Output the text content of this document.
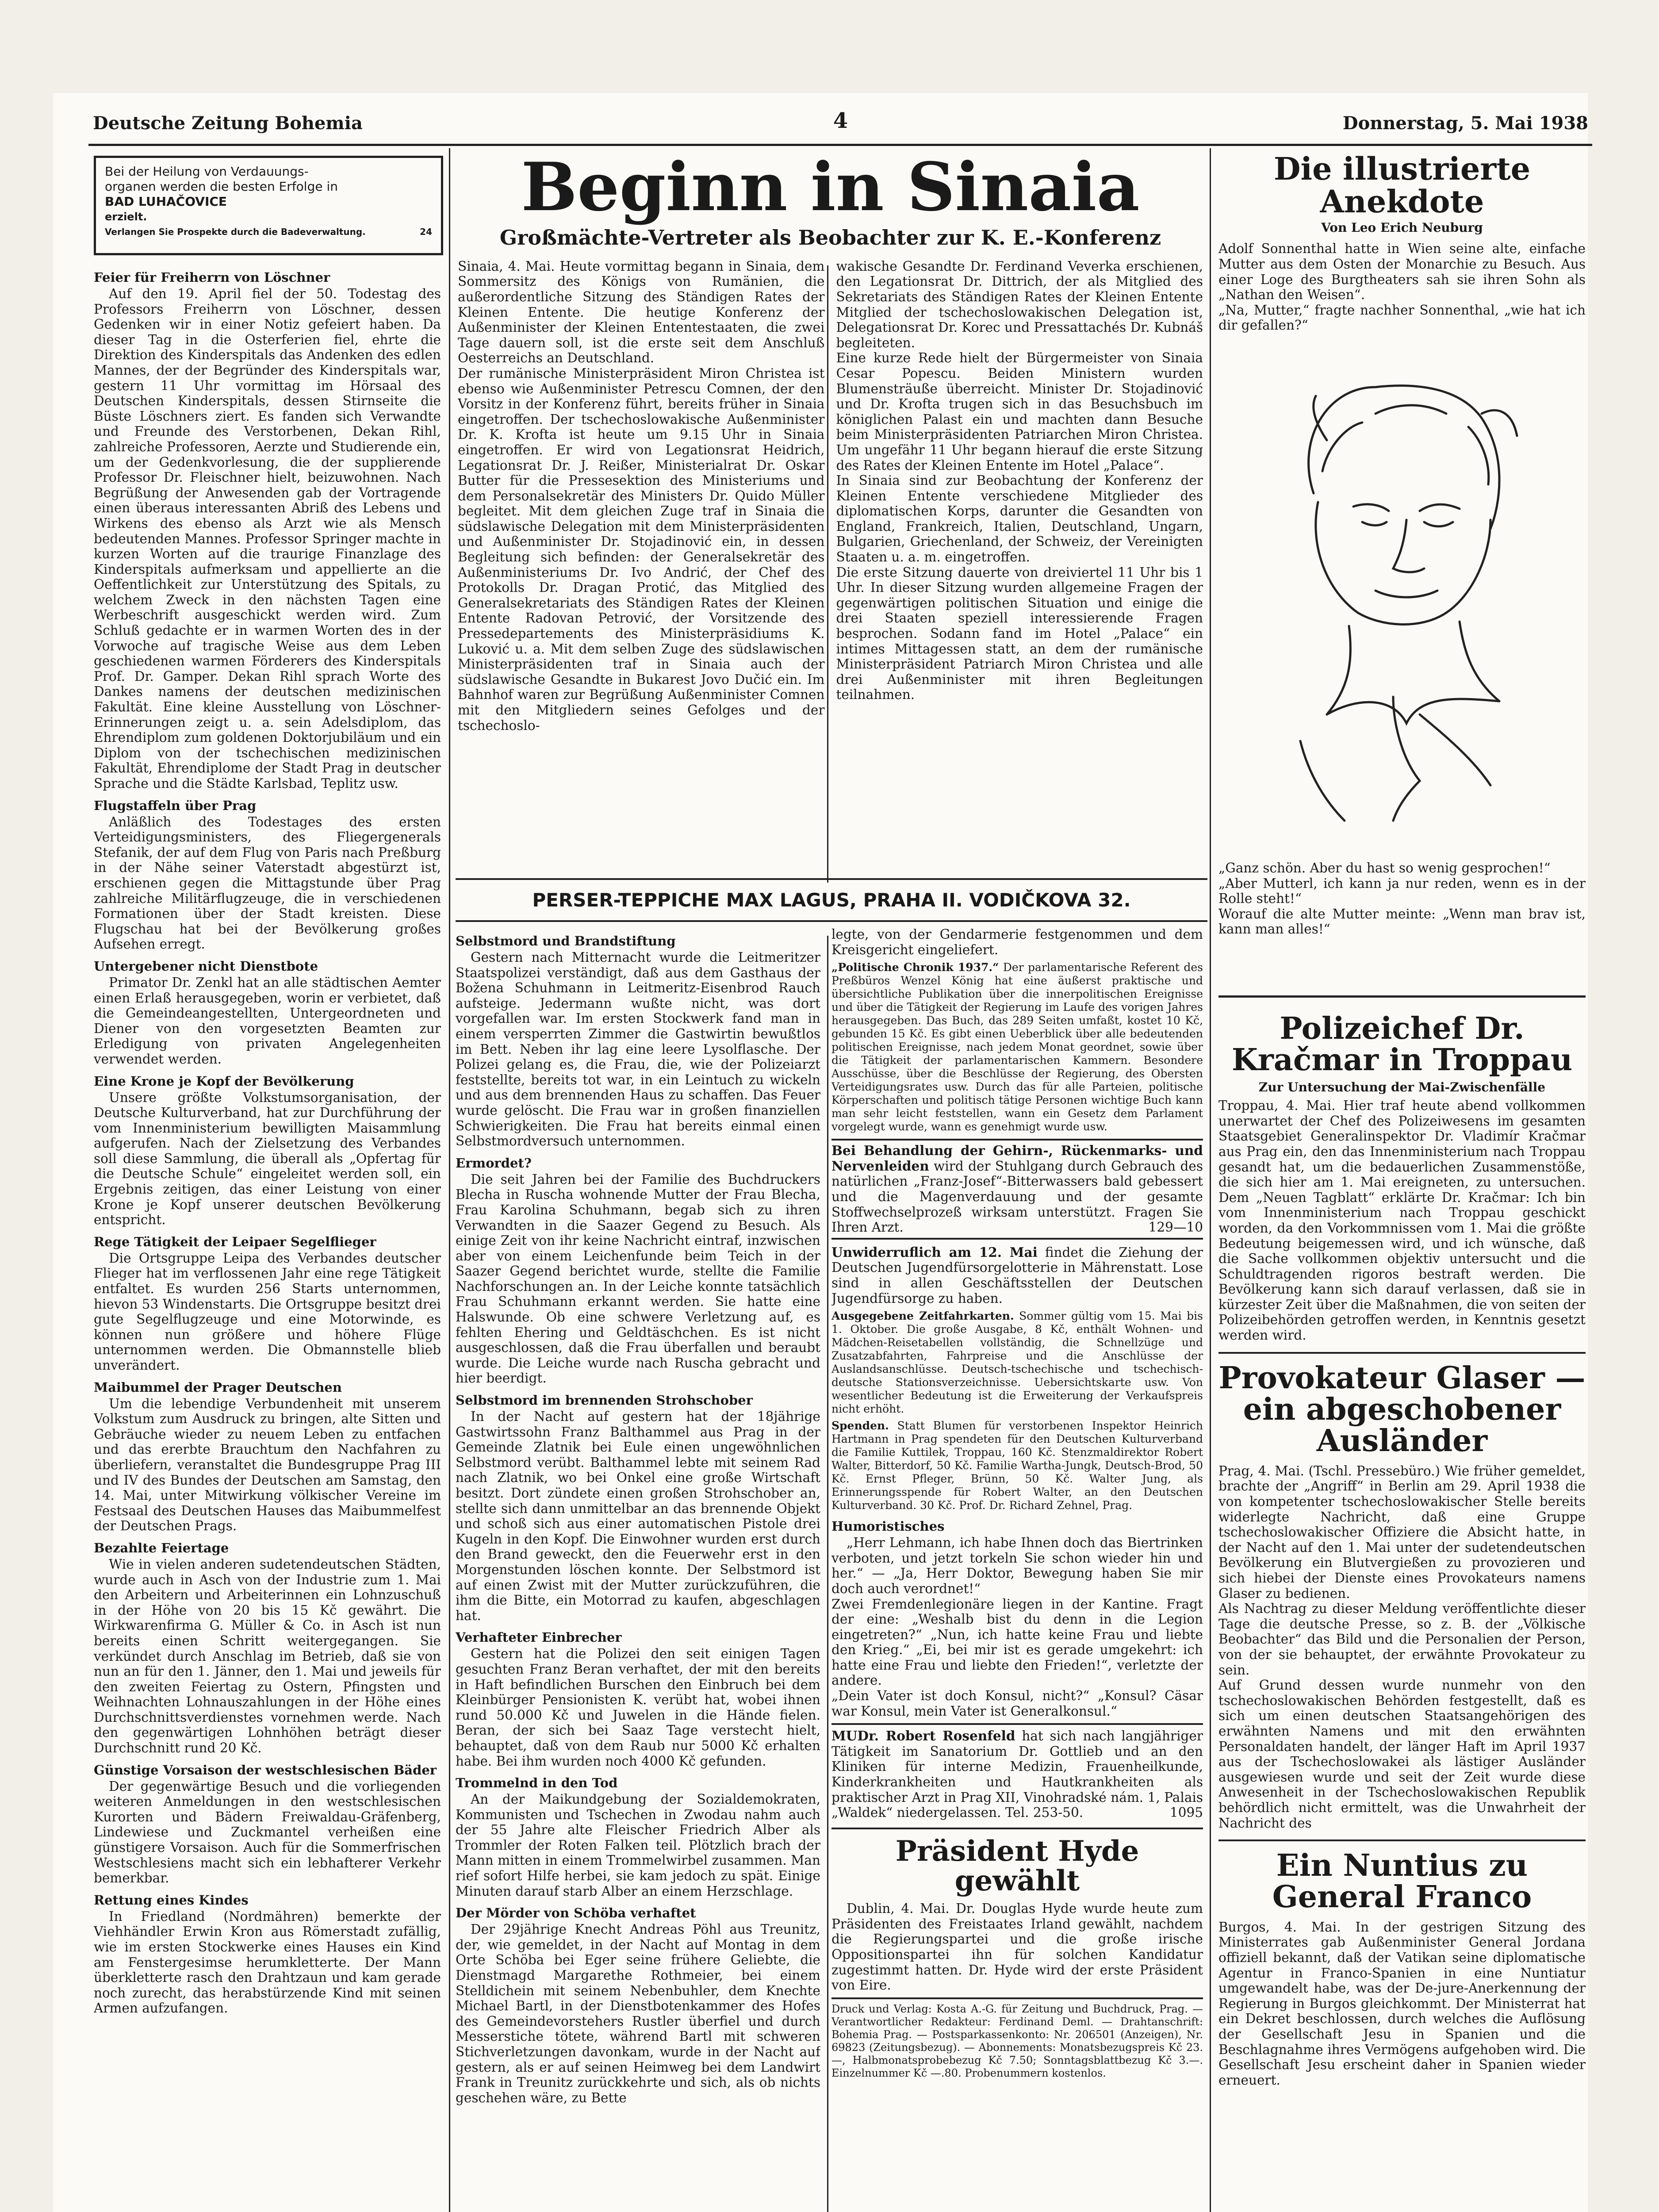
Deutsche Zeitung Bohemia	4	Donnerstag, 5. Mai 1938
Bei der Heilung von Verdauungs-
organen werden die besten Erfolge in
BAD LUHAČOVICE
erzielt.
Verlangen Sie Prospekte durch die Badeverwaltung.	24
Feier für Freiherrn von Löschner

Auf den 19. April fiel der 50. Todestag des Professors Freiherrn von Löschner, dessen Gedenken wir in einer Notiz gefeiert haben. Da dieser Tag in die Osterferien fiel, ehrte die Direktion des Kinderspitals das Andenken des edlen Mannes, der der Begründer des Kinderspitals war, gestern 11 Uhr vormittag im Hörsaal des Deutschen Kinderspitals, dessen Stirnseite die Büste Löschners ziert. Es fanden sich Verwandte und Freunde des Verstorbenen, Dekan Rihl, zahlreiche Professoren, Aerzte und Studierende ein, um der Gedenkvorlesung, die der supplierende Professor Dr. Fleischner hielt, beizuwohnen. Nach Begrüßung der Anwesenden gab der Vortragende einen überaus interessanten Abriß des Lebens und Wirkens des ebenso als Arzt wie als Mensch bedeutenden Mannes. Professor Springer machte in kurzen Worten auf die traurige Finanzlage des Kinderspitals aufmerksam und appellierte an die Oeffentlichkeit zur Unterstützung des Spitals, zu welchem Zweck in den nächsten Tagen eine Werbeschrift ausgeschickt werden wird. Zum Schluß gedachte er in warmen Worten des in der Vorwoche auf tragische Weise aus dem Leben geschiedenen warmen Förderers des Kinderspitals Prof. Dr. Gamper. Dekan Rihl sprach Worte des Dankes namens der deutschen medizinischen Fakultät. Eine kleine Ausstellung von Löschner-Erinnerungen zeigt u. a. sein Adelsdiplom, das Ehrendiplom zum goldenen Doktorjubiläum und ein Diplom von der tschechischen medizinischen Fakultät, Ehrendiplome der Stadt Prag in deutscher Sprache und die Städte Karlsbad, Teplitz usw.

Flugstaffeln über Prag

Anläßlich des Todestages des ersten Verteidigungsministers, des Fliegergenerals Stefanik, der auf dem Flug von Paris nach Preßburg in der Nähe seiner Vaterstadt abgestürzt ist, erschienen gegen die Mittagstunde über Prag zahlreiche Militärflugzeuge, die in verschiedenen Formationen über der Stadt kreisten. Diese Flugschau hat bei der Bevölkerung großes Aufsehen erregt.

Untergebener nicht Dienstbote

Primator Dr. Zenkl hat an alle städtischen Aemter einen Erlaß herausgegeben, worin er verbietet, daß die Gemeindeangestellten, Untergeordneten und Diener von den vorgesetzten Beamten zur Erledigung von privaten Angelegenheiten verwendet werden.

Eine Krone je Kopf der Bevölkerung

Unsere größte Volkstumsorganisation, der Deutsche Kulturverband, hat zur Durchführung der vom Innenministerium bewilligten Maisammlung aufgerufen. Nach der Zielsetzung des Verbandes soll diese Sammlung, die überall als „Opfertag für die Deutsche Schule“ eingeleitet werden soll, ein Ergebnis zeitigen, das einer Leistung von einer Krone je Kopf unserer deutschen Bevölkerung entspricht.

Rege Tätigkeit der Leipaer Segelflieger

Die Ortsgruppe Leipa des Verbandes deutscher Flieger hat im verflossenen Jahr eine rege Tätigkeit entfaltet. Es wurden 256 Starts unternommen, hievon 53 Windenstarts. Die Ortsgruppe besitzt drei gute Segelflugzeuge und eine Motorwinde, es können nun größere und höhere Flüge unternommen werden. Die Obmannstelle blieb unverändert.

Maibummel der Prager Deutschen

Um die lebendige Verbundenheit mit unserem Volkstum zum Ausdruck zu bringen, alte Sitten und Gebräuche wieder zu neuem Leben zu entfachen und das ererbte Brauchtum den Nachfahren zu überliefern, veranstaltet die Bundesgruppe Prag III und IV des Bundes der Deutschen am Samstag, den 14. Mai, unter Mitwirkung völkischer Vereine im Festsaal des Deutschen Hauses das Maibummelfest der Deutschen Prags.

Bezahlte Feiertage

Wie in vielen anderen sudetendeutschen Städten, wurde auch in Asch von der Industrie zum 1. Mai den Arbeitern und Arbeiterinnen ein Lohnzuschuß in der Höhe von 20 bis 15 Kč gewährt. Die Wirkwarenfirma G. Müller & Co. in Asch ist nun bereits einen Schritt weitergegangen. Sie verkündet durch Anschlag im Betrieb, daß sie von nun an für den 1. Jänner, den 1. Mai und jeweils für den zweiten Feiertag zu Ostern, Pfingsten und Weihnachten Lohnauszahlungen in der Höhe eines Durchschnittsverdienstes vornehmen werde. Nach den gegenwärtigen Lohnhöhen beträgt dieser Durchschnitt rund 20 Kč.

Günstige Vorsaison der westschlesischen Bäder

Der gegenwärtige Besuch und die vorliegenden weiteren Anmeldungen in den westschlesischen Kurorten und Bädern Freiwaldau-Gräfenberg, Lindewiese und Zuckmantel verheißen eine günstigere Vorsaison. Auch für die Sommerfrischen Westschlesiens macht sich ein lebhafterer Verkehr bemerkbar.

Rettung eines Kindes

In Friedland (Nordmähren) bemerkte der Viehhändler Erwin Kron aus Römerstadt zufällig, wie im ersten Stockwerke eines Hauses ein Kind am Fenstergesimse herumkletterte. Der Mann überkletterte rasch den Drahtzaun und kam gerade noch zurecht, das herabstürzende Kind mit seinen Armen aufzufangen.

Beginn in Sinaia
Großmächte-Vertreter als Beobachter zur K. E.-Konferenz
Sinaia, 4. Mai. Heute vormittag begann in Sinaia, dem Sommersitz des Königs von Rumänien, die außerordentliche Sitzung des Ständigen Rates der Kleinen Entente. Die heutige Konferenz der Außenminister der Kleinen Ententestaaten, die zwei Tage dauern soll, ist die erste seit dem Anschluß Oesterreichs an Deutschland.
Der rumänische Ministerpräsident Miron Christea ist ebenso wie Außenminister Petrescu Comnen, der den Vorsitz in der Konferenz führt, bereits früher in Sinaia eingetroffen. Der tschechoslowakische Außenminister Dr. K. Krofta ist heute um 9.15 Uhr in Sinaia eingetroffen. Er wird von Legationsrat Heidrich, Legationsrat Dr. J. Reißer, Ministerialrat Dr. Oskar Butter für die Pressesektion des Ministeriums und dem Personalsekretär des Ministers Dr. Quido Müller begleitet. Mit dem gleichen Zuge traf in Sinaia die südslawische Delegation mit dem Ministerpräsidenten und Außenminister Dr. Stojadinović ein, in dessen Begleitung sich befinden: der Generalsekretär des Außenministeriums Dr. Ivo Andrić, der Chef des Protokolls Dr. Dragan Protić, das Mitglied des Generalsekretariats des Ständigen Rates der Kleinen Entente Radovan Petrović, der Vorsitzende des Pressedepartements des Ministerpräsidiums K. Luković u. a. Mit dem selben Zuge des südslawischen Ministerpräsidenten traf in Sinaia auch der südslawische Gesandte in Bukarest Jovo Dučić ein. Im Bahnhof waren zur Begrüßung Außenminister Comnen mit den Mitgliedern seines Gefolges und der tschechoslo-
wakische Gesandte Dr. Ferdinand Veverka erschienen, den Legationsrat Dr. Dittrich, der als Mitglied des Sekretariats des Ständigen Rates der Kleinen Entente Mitglied der tschechoslowakischen Delegation ist, Delegationsrat Dr. Korec und Pressattachés Dr. Kubnáš begleiteten.
Eine kurze Rede hielt der Bürgermeister von Sinaia Cesar Popescu. Beiden Ministern wurden Blumensträuße überreicht. Minister Dr. Stojadinović und Dr. Krofta trugen sich in das Besuchsbuch im königlichen Palast ein und machten dann Besuche beim Ministerpräsidenten Patriarchen Miron Christea. Um ungefähr 11 Uhr begann hierauf die erste Sitzung des Rates der Kleinen Entente im Hotel „Palace“.
In Sinaia sind zur Beobachtung der Konferenz der Kleinen Entente verschiedene Mitglieder des diplomatischen Korps, darunter die Gesandten von England, Frankreich, Italien, Deutschland, Ungarn, Bulgarien, Griechenland, der Schweiz, der Vereinigten Staaten u. a. m. eingetroffen.
Die erste Sitzung dauerte von dreiviertel 11 Uhr bis 1 Uhr. In dieser Sitzung wurden allgemeine Fragen der gegenwärtigen politischen Situation und einige die drei Staaten speziell interessierende Fragen besprochen. Sodann fand im Hotel „Palace“ ein intimes Mittagessen statt, an dem der rumänische Ministerpräsident Patriarch Miron Christea und alle drei Außenminister mit ihren Begleitungen teilnahmen.
PERSER-TEPPICHE MAX LAGUS, PRAHA II. VODIČKOVA 32.
Selbstmord und Brandstiftung

Gestern nach Mitternacht wurde die Leitmeritzer Staatspolizei verständigt, daß aus dem Gasthaus der Božena Schuhmann in Leitmeritz-Eisenbrod Rauch aufsteige. Jedermann wußte nicht, was dort vorgefallen war. Im ersten Stockwerk fand man in einem versperrten Zimmer die Gastwirtin bewußtlos im Bett. Neben ihr lag eine leere Lysolflasche. Der Polizei gelang es, die Frau, die, wie der Polizeiarzt feststellte, bereits tot war, in ein Leintuch zu wickeln und aus dem brennenden Haus zu schaffen. Das Feuer wurde gelöscht. Die Frau war in großen finanziellen Schwierigkeiten. Die Frau hat bereits einmal einen Selbstmordversuch unternommen.

Ermordet?

Die seit Jahren bei der Familie des Buchdruckers Blecha in Ruscha wohnende Mutter der Frau Blecha, Frau Karolina Schuhmann, begab sich zu ihren Verwandten in die Saazer Gegend zu Besuch. Als einige Zeit von ihr keine Nachricht eintraf, inzwischen aber von einem Leichenfunde beim Teich in der Saazer Gegend berichtet wurde, stellte die Familie Nachforschungen an. In der Leiche konnte tatsächlich Frau Schuhmann erkannt werden. Sie hatte eine Halswunde. Ob eine schwere Verletzung auf, es fehlten Ehering und Geldtäschchen. Es ist nicht ausgeschlossen, daß die Frau überfallen und beraubt wurde. Die Leiche wurde nach Ruscha gebracht und hier beerdigt.

Selbstmord im brennenden Strohschober

In der Nacht auf gestern hat der 18jährige Gastwirtssohn Franz Balthammel aus Prag in der Gemeinde Zlatnik bei Eule einen ungewöhnlichen Selbstmord verübt. Balthammel lebte mit seinem Rad nach Zlatnik, wo bei Onkel eine große Wirtschaft besitzt. Dort zündete einen großen Strohschober an, stellte sich dann unmittelbar an das brennende Objekt und schoß sich aus einer automatischen Pistole drei Kugeln in den Kopf. Die Einwohner wurden erst durch den Brand geweckt, den die Feuerwehr erst in den Morgenstunden löschen konnte. Der Selbstmord ist auf einen Zwist mit der Mutter zurückzuführen, die ihm die Bitte, ein Motorrad zu kaufen, abgeschlagen hat.

Verhafteter Einbrecher

Gestern hat die Polizei den seit einigen Tagen gesuchten Franz Beran verhaftet, der mit den bereits in Haft befindlichen Burschen den Einbruch bei dem Kleinbürger Pensionisten K. verübt hat, wobei ihnen rund 50.000 Kč und Juwelen in die Hände fielen. Beran, der sich bei Saaz Tage verstecht hielt, behauptet, daß von dem Raub nur 5000 Kč erhalten habe. Bei ihm wurden noch 4000 Kč gefunden.

Trommelnd in den Tod

An der Maikundgebung der Sozialdemokraten, Kommunisten und Tschechen in Zwodau nahm auch der 55 Jahre alte Fleischer Friedrich Alber als Trommler der Roten Falken teil. Plötzlich brach der Mann mitten in einem Trommelwirbel zusammen. Man rief sofort Hilfe herbei, sie kam jedoch zu spät. Einige Minuten darauf starb Alber an einem Herzschlage.

Der Mörder von Schöba verhaftet

Der 29jährige Knecht Andreas Pöhl aus Treunitz, der, wie gemeldet, in der Nacht auf Montag in dem Orte Schöba bei Eger seine frühere Geliebte, die Dienstmagd Margarethe Rothmeier, bei einem Stelldichein mit seinem Nebenbuhler, dem Knechte Michael Bartl, in der Dienstbotenkammer des Hofes des Gemeindevorstehers Rustler überfiel und durch Messerstiche tötete, während Bartl mit schweren Stichverletzungen davonkam, wurde in der Nacht auf gestern, als er auf seinen Heimweg bei dem Landwirt Frank in Treunitz zurückkehrte und sich, als ob nichts geschehen wäre, zu Bette

legte, von der Gendarmerie festgenommen und dem Kreisgericht eingeliefert.

„Politische Chronik 1937.“ Der parlamentarische Referent des Preßbüros Wenzel König hat eine äußerst praktische und übersichtliche Publikation über die innerpolitischen Ereignisse und über die Tätigkeit der Regierung im Laufe des vorigen Jahres herausgegeben. Das Buch, das 289 Seiten umfaßt, kostet 10 Kč, gebunden 15 Kč. Es gibt einen Ueberblick über alle bedeutenden politischen Ereignisse, nach jedem Monat geordnet, sowie über die Tätigkeit der parlamentarischen Kammern. Besondere Ausschüsse, über die Beschlüsse der Regierung, des Obersten Verteidigungsrates usw. Durch das für alle Parteien, politische Körperschaften und politisch tätige Personen wichtige Buch kann man sehr leicht feststellen, wann ein Gesetz dem Parlament vorgelegt wurde, wann es genehmigt wurde usw.
Bei Behandlung der Gehirn-, Rückenmarks- und Nervenleiden wird der Stuhlgang durch Gebrauch des natürlichen „Franz-Josef“-Bitterwassers bald gebessert und die Magenverdauung und der gesamte Stoffwechselprozeß wirksam unterstützt. Fragen Sie Ihren Arzt.	129—10
Unwiderruflich am 12. Mai findet die Ziehung der Deutschen Jugendfürsorgelotterie in Mährenstatt. Lose sind in allen Geschäftsstellen der Deutschen Jugendfürsorge zu haben.
Ausgegebene Zeitfahrkarten. Sommer gültig vom 15. Mai bis 1. Oktober. Die große Ausgabe, 8 Kč, enthält Wohnen- und Mädchen-Reisetabellen vollständig, die Schnellzüge und Zusatzabfahrten, Fahrpreise und die Anschlüsse der Auslandsanschlüsse. Deutsch-tschechische und tschechisch-deutsche Stationsverzeichnisse. Uebersichtskarte usw. Von wesentlicher Bedeutung ist die Erweiterung der Verkaufspreis nicht erhöht.
Spenden. Statt Blumen für verstorbenen Inspektor Heinrich Hartmann in Prag spendeten für den Deutschen Kulturverband die Familie Kuttilek, Troppau, 160 Kč. Stenzmaldirektor Robert Walter, Bitterdorf, 50 Kč. Familie Wartha-Jungk, Deutsch-Brod, 50 Kč. Ernst Pfleger, Brünn, 50 Kč. Walter Jung, als Erinnerungsspende für Robert Walter, an den Deutschen Kulturverband. 30 Kč. Prof. Dr. Richard Zehnel, Prag.
Humoristisches

„Herr Lehmann, ich habe Ihnen doch das Biertrinken verboten, und jetzt torkeln Sie schon wieder hin und her.“ — „Ja, Herr Doktor, Bewegung haben Sie mir doch auch verordnet!“
Zwei Fremdenlegionäre liegen in der Kantine. Fragt der eine: „Weshalb bist du denn in die Legion eingetreten?“ „Nun, ich hatte keine Frau und liebte den Krieg.“ „Ei, bei mir ist es gerade umgekehrt: ich hatte eine Frau und liebte den Frieden!“, verletzte der andere.
„Dein Vater ist doch Konsul, nicht?“ „Konsul? Cäsar war Konsul, mein Vater ist Generalkonsul.“

MUDr. Robert Rosenfeld hat sich nach langjähriger Tätigkeit im Sanatorium Dr. Gottlieb und an den Kliniken für interne Medizin, Frauenheilkunde, Kinderkrankheiten und Hautkrankheiten als praktischer Arzt in Prag XII, Vinohradské nám. 1, Palais „Waldek“ niedergelassen. Tel. 253-50.	1095
Präsident Hyde gewählt

Dublin, 4. Mai. Dr. Douglas Hyde wurde heute zum Präsidenten des Freistaates Irland gewählt, nachdem die Regierungspartei und die große irische Oppositionspartei ihn für solchen Kandidatur zugestimmt hatten. Dr. Hyde wird der erste Präsident von Eire.

Druck und Verlag: Kosta A.-G. für Zeitung und Buchdruck, Prag. — Verantwortlicher Redakteur: Ferdinand Deml. — Drahtanschrift: Bohemia Prag. — Postsparkassenkonto: Nr. 206501 (Anzeigen), Nr. 69823 (Zeitungsbezug). — Abonnements: Monatsbezugspreis Kč 23.—, Halbmonatsprobebezug Kč 7.50; Sonntagsblattbezug Kč 3.—. Einzelnummer Kč —.80. Probenummern kostenlos.
Die illustrierte Anekdote
Von Leo Erich Neuburg
Adolf Sonnenthal hatte in Wien seine alte, einfache Mutter aus dem Osten der Monarchie zu Besuch. Aus einer Loge des Burgtheaters sah sie ihren Sohn als „Nathan den Weisen“.
„Na, Mutter,“ fragte nachher Sonnenthal, „wie hat ich dir gefallen?“
„Ganz schön. Aber du hast so wenig gesprochen!“
„Aber Mutterl, ich kann ja nur reden, wenn es in der Rolle steht!“
Worauf die alte Mutter meinte: „Wenn man brav ist, kann man alles!“
Polizeichef Dr. Kračmar in Troppau
Zur Untersuchung der Mai-Zwischenfälle

Troppau, 4. Mai. Hier traf heute abend vollkommen unerwartet der Chef des Polizeiwesens im gesamten Staatsgebiet Generalinspektor Dr. Vladimír Kračmar aus Prag ein, den das Innenministerium nach Troppau gesandt hat, um die bedauerlichen Zusammenstöße, die sich hier am 1. Mai ereigneten, zu untersuchen. Dem „Neuen Tagblatt“ erklärte Dr. Kračmar: Ich bin vom Innenministerium nach Troppau geschickt worden, da den Vorkommnissen vom 1. Mai die größte Bedeutung beigemessen wird, und ich wünsche, daß die Sache vollkommen objektiv untersucht und die Schuldtragenden rigoros bestraft werden. Die Bevölkerung kann sich darauf verlassen, daß sie in kürzester Zeit über die Maßnahmen, die von seiten der Polizeibehörden getroffen werden, in Kenntnis gesetzt werden wird.

Provokateur Glaser — ein abgeschobener Ausländer

Prag, 4. Mai. (Tschl. Pressebüro.) Wie früher gemeldet, brachte der „Angriff“ in Berlin am 29. April 1938 die von kompetenter tschechoslowakischer Stelle bereits widerlegte Nachricht, daß eine Gruppe tschechoslowakischer Offiziere die Absicht hatte, in der Nacht auf den 1. Mai unter der sudetendeutschen Bevölkerung ein Blutvergießen zu provozieren und sich hiebei der Dienste eines Provokateurs namens Glaser zu bedienen.
Als Nachtrag zu dieser Meldung veröffentlichte dieser Tage die deutsche Presse, so z. B. der „Völkische Beobachter“ das Bild und die Personalien der Person, von der sie behauptet, der erwähnte Provokateur zu sein.
Auf Grund dessen wurde nunmehr von den tschechoslowakischen Behörden festgestellt, daß es sich um einen deutschen Staatsangehörigen des erwähnten Namens und mit den erwähnten Personaldaten handelt, der länger Haft im April 1937 aus der Tschechoslowakei als lästiger Ausländer ausgewiesen wurde und seit der Zeit wurde diese Anwesenheit in der Tschechoslowakischen Republik behördlich nicht ermittelt, was die Unwahrheit der Nachricht des

Ein Nuntius zu General Franco

Burgos, 4. Mai. In der gestrigen Sitzung des Ministerrates gab Außenminister General Jordana offiziell bekannt, daß der Vatikan seine diplomatische Agentur in Franco-Spanien in eine Nuntiatur umgewandelt habe, was der De-jure-Anerkennung der Regierung in Burgos gleichkommt. Der Ministerrat hat ein Dekret beschlossen, durch welches die Auflösung der Gesellschaft Jesu in Spanien und die Beschlagnahme ihres Vermögens aufgehoben wird. Die Gesellschaft Jesu erscheint daher in Spanien wieder erneuert.
